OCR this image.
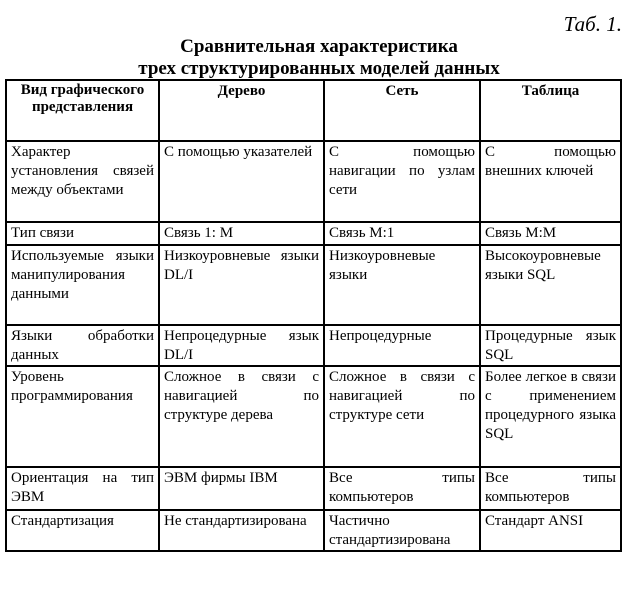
Таб. 1.
Сравнительная характеристика
трех структурированных моделей данных
Вид графического представления	Дерево	Сеть	Таблица
Характер установления связей между объектами	С помощью указателей	С помощью навигации по узлам сети	С помощью внешних ключей
Тип связи	Связь 1: М	Связь М:1	Связь М:М
Используемые языки манипулирования данными	Низкоуровневые языки DL/I	Низкоуровневые языки	Высокоуровневые языки SQL
Языки обработки данных	Непроцедурные язык DL/I	Непроцедурные	Процедурные язык SQL
Уровень программирования	Сложное в связи с навигацией по структуре дерева	Сложное в связи с навигацией по структуре сети	Более легкое в связи с применением процедурного языка SQL
Ориентация на тип ЭВМ	ЭВМ фирмы IBM	Все типы компьютеров	Все типы компьютеров
Стандартизация	Не стандартизирована	Частично стандартизирована	Стандарт ANSI
